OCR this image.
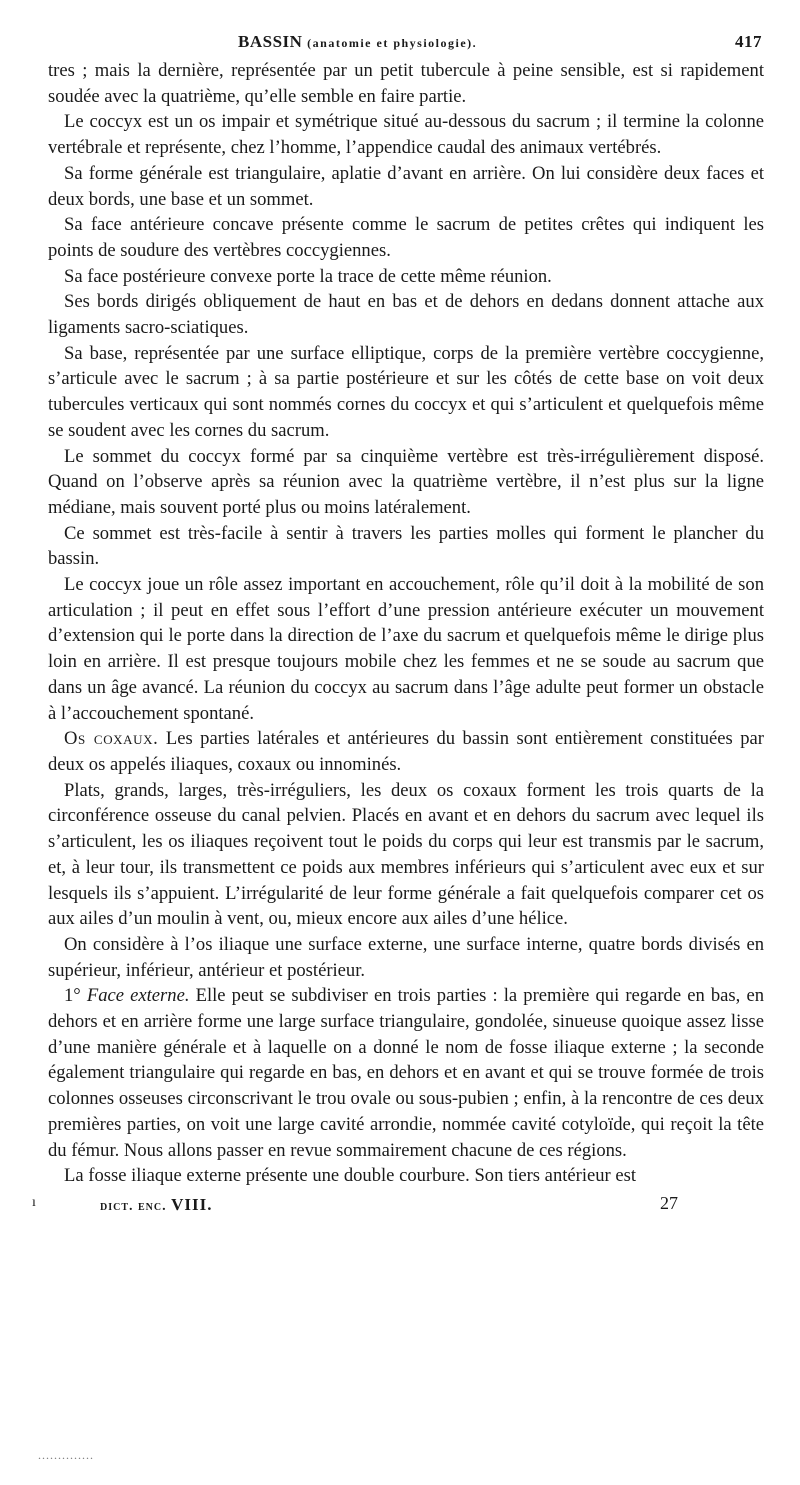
BASSIN (anatomie et physiologie).	417

tres ; mais la dernière, représentée par un petit tubercule à peine sensible, est si rapidement soudée avec la quatrième, qu’elle semble en faire partie.

Le coccyx est un os impair et symétrique situé au-dessous du sacrum ; il termine la colonne vertébrale et représente, chez l’homme, l’appendice caudal des animaux vertébrés.

Sa forme générale est triangulaire, aplatie d’avant en arrière. On lui considère deux faces et deux bords, une base et un sommet.

Sa face antérieure concave présente comme le sacrum de petites crêtes qui indiquent les points de soudure des vertèbres coccygiennes.

Sa face postérieure convexe porte la trace de cette même réunion.

Ses bords dirigés obliquement de haut en bas et de dehors en dedans donnent attache aux ligaments sacro-sciatiques.

Sa base, représentée par une surface elliptique, corps de la première vertèbre coccygienne, s’articule avec le sacrum ; à sa partie postérieure et sur les côtés de cette base on voit deux tubercules verticaux qui sont nommés cornes du coccyx et qui s’articulent et quelquefois même se soudent avec les cornes du sacrum.

Le sommet du coccyx formé par sa cinquième vertèbre est très-irrégulièrement disposé. Quand on l’observe après sa réunion avec la quatrième vertèbre, il n’est plus sur la ligne médiane, mais souvent porté plus ou moins latéralement.

Ce sommet est très-facile à sentir à travers les parties molles qui forment le plancher du bassin.

Le coccyx joue un rôle assez important en accouchement, rôle qu’il doit à la mobilité de son articulation ; il peut en effet sous l’effort d’une pression antérieure exécuter un mouvement d’extension qui le porte dans la direction de l’axe du sacrum et quelquefois même le dirige plus loin en arrière. Il est presque toujours mobile chez les femmes et ne se soude au sacrum que dans un âge avancé. La réunion du coccyx au sacrum dans l’âge adulte peut former un obstacle à l’accouchement spontané.

Os coxaux. Les parties latérales et antérieures du bassin sont entièrement constituées par deux os appelés iliaques, coxaux ou innominés.

Plats, grands, larges, très-irréguliers, les deux os coxaux forment les trois quarts de la circonférence osseuse du canal pelvien. Placés en avant et en dehors du sacrum avec lequel ils s’articulent, les os iliaques reçoivent tout le poids du corps qui leur est transmis par le sacrum, et, à leur tour, ils transmettent ce poids aux membres inférieurs qui s’articulent avec eux et sur lesquels ils s’appuient. L’irrégularité de leur forme générale a fait quelquefois comparer cet os aux ailes d’un moulin à vent, ou, mieux encore aux ailes d’une hélice.

On considère à l’os iliaque une surface externe, une surface interne, quatre bords divisés en supérieur, inférieur, antérieur et postérieur.

1° Face externe. Elle peut se subdiviser en trois parties : la première qui regarde en bas, en dehors et en arrière forme une large surface triangulaire, gondolée, sinueuse quoique assez lisse d’une manière générale et à laquelle on a donné le nom de fosse iliaque externe ; la seconde également triangulaire qui regarde en bas, en dehors et en avant et qui se trouve formée de trois colonnes osseuses circonscrivant le trou ovale ou sous-pubien ; enfin, à la rencontre de ces deux premières parties, on voit une large cavité arrondie, nommée cavité cotyloïde, qui reçoit la tête du fémur. Nous allons passer en revue sommairement chacune de ces régions.

La fosse iliaque externe présente une double courbure. Son tiers antérieur est

ı	dict. enc. VIII.	27
..............
